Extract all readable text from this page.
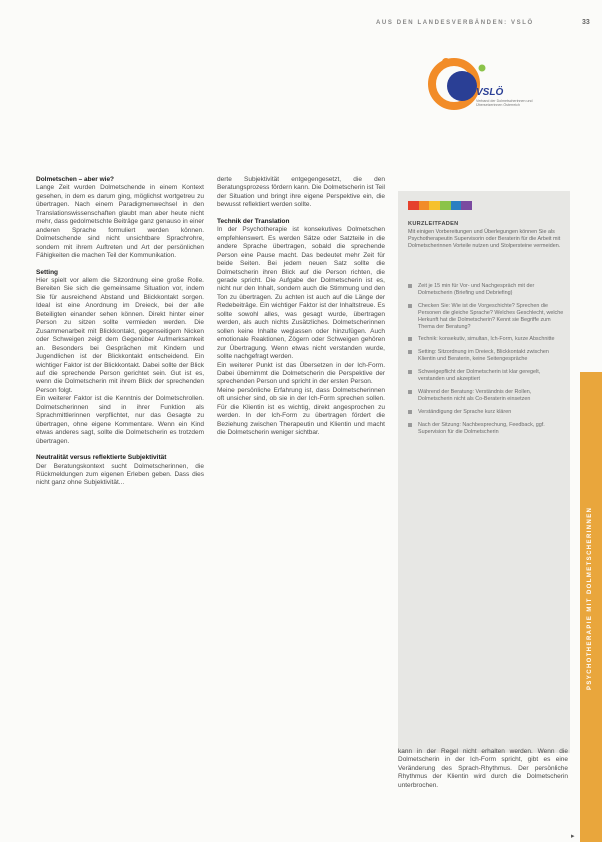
AUS DEN LANDESVERBÄNDEN: VSLÖ	33
VSLÖ
Verband der Dolmetscherinnen und Übersetzerinnen Österreich
Dolmetschen – aber wie?

Lange Zeit wurden Dolmetschende in einem Kontext gesehen, in dem es darum ging, möglichst wortgetreu zu übertragen. Nach einem Paradigmenwechsel in den Translationswissenschaften glaubt man aber heute nicht mehr, dass gedolmetschte Beiträge ganz genauso in einer anderen Sprache formuliert werden können. Dolmetschende sind nicht unsichtbare Sprachrohre, sondern mit ihrem Auftreten und Art der persönlichen Fähigkeiten die machen Teil der Kommunikation.

Setting

Hier spielt vor allem die Sitzordnung eine große Rolle. Bereiten Sie sich die gemeinsame Situation vor, indem Sie für ausreichend Abstand und Blickkontakt sorgen. Ideal ist eine Anordnung im Dreieck, bei der alle Beteiligten einander sehen können. Direkt hinter einer Person zu sitzen sollte vermieden werden. Die Zusammenarbeit mit Blickkontakt, gegenseitigem Nicken oder Schweigen zeigt dem Gegenüber Aufmerksamkeit an. Besonders bei Gesprächen mit Kindern und Jugendlichen ist der Blickkontakt entscheidend. Ein wichtiger Faktor ist der Blickkontakt. Dabei sollte der Blick auf die sprechende Person gerichtet sein. Gut ist es, wenn die Dolmetscherin mit ihrem Blick der sprechenden Person folgt.

Ein weiterer Faktor ist die Kenntnis der Dolmetschrollen. Dolmetscherinnen sind in ihrer Funktion als Sprachmittlerinnen verpflichtet, nur das Gesagte zu übertragen, ohne eigene Kommentare. Wenn ein Kind etwas anderes sagt, sollte die Dolmetscherin es trotzdem übertragen.

Neutralität versus reflektierte Subjektivität

Der Beratungskontext sucht Dolmetscherinnen, die Rückmeldungen zum eigenen Erleben geben. Dass dies nicht ganz ohne Subjektivität...

derte Subjektivität entgegengesetzt, die den Beratungsprozess fördern kann. Die Dolmetscherin ist Teil der Situation und bringt ihre eigene Perspektive ein, die bewusst reflektiert werden sollte.

Technik der Translation

In der Psychotherapie ist konsekutives Dolmetschen empfehlenswert. Es werden Sätze oder Satzteile in die andere Sprache übertragen, sobald die sprechende Person eine Pause macht. Das bedeutet mehr Zeit für beide Seiten. Bei jedem neuen Satz sollte die Dolmetscherin ihren Blick auf die Person richten, die gerade spricht. Die Aufgabe der Dolmetscherin ist es, nicht nur den Inhalt, sondern auch die Stimmung und den Ton zu übertragen. Zu achten ist auch auf die Länge der Redebeiträge. Ein wichtiger Faktor ist der Inhaltstreue. Es sollte sowohl alles, was gesagt wurde, übertragen werden, als auch nichts Zusätzliches. Dolmetscherinnen sollen keine Inhalte weglassen oder hinzufügen. Auch emotionale Reaktionen, Zögern oder Schweigen gehören zur Übertragung. Wenn etwas nicht verstanden wurde, sollte nachgefragt werden.

Ein weiterer Punkt ist das Übersetzen in der Ich-Form. Dabei übernimmt die Dolmetscherin die Perspektive der sprechenden Person und spricht in der ersten Person.

Meine persönliche Erfahrung ist, dass Dolmetscherinnen oft unsicher sind, ob sie in der Ich-Form sprechen sollen. Für die Klientin ist es wichtig, direkt angesprochen zu werden. In der Ich-Form zu übertragen fördert die Beziehung zwischen Therapeutin und Klientin und macht die Dolmetscherin weniger sichtbar.

KURZLEITFADEN
Mit einigen Vorbereitungen und Überlegungen können Sie als Psychotherapeutin Supervisorin oder Beraterin für die Arbeit mit Dolmetscherinnen Vorteile nutzen und Stolpersteine vermeiden.
Zeit je 15 min für Vor- und Nachgespräch mit der Dolmetscherin (Briefing und Debriefing)
Checken Sie: Wie ist die Vorgeschichte? Sprechen die Personen die gleiche Sprache? Welches Geschlecht, welche Herkunft hat die Dolmetscherin? Kennt sie Begriffe zum Thema der Beratung?
Technik: konsekutiv, simultan, Ich-Form, kurze Abschnitte
Setting: Sitzordnung im Dreieck, Blickkontakt zwischen Klientin und Beraterin, keine Seitengespräche
Schweigepflicht der Dolmetscherin ist klar geregelt, verstanden und akzeptiert
Während der Beratung: Verständnis der Rollen, Dolmetscherin nicht als Co-Beraterin einsetzen
Verständigung der Sprache kurz klären
Nach der Sitzung: Nachbesprechung, Feedback, ggf. Supervision für die Dolmetscherin

kann in der Regel nicht erhalten werden. Wenn die Dolmetscherin in der Ich-Form spricht, gibt es eine Veränderung des Sprach-Rhythmus. Der persönliche Rhythmus der Klientin wird durch die Dolmetscherin unterbrochen.

PSYCHOTHERAPIE MIT DOLMETSCHERINNEN
▸
